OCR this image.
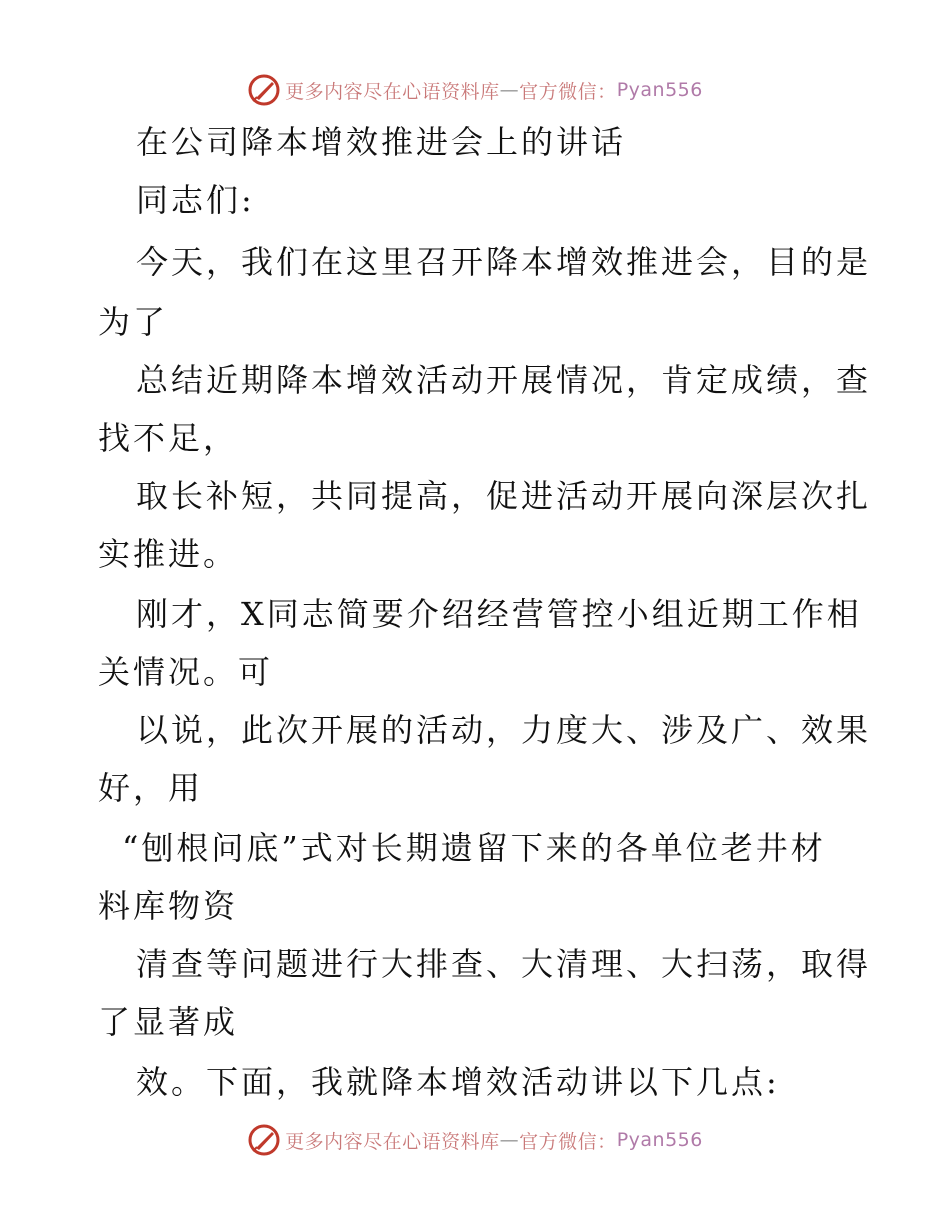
更多内容尽在心语资料库 — 官方微信： Pyan556
在公司降本增效推进会上的讲话
同志们:
今天，我们在这里召开降本增效推进会，目的是
为了
总结近期降本增效活动开展情况，肯定成绩，查
找不足，
取长补短，共同提高，促进活动开展向深层次扎
实推进。
刚才，X同志简要介绍经营管控小组近期工作相
关情况。可
以说，此次开展的活动，力度大、涉及广、效果
好，用
“刨根问底”式对长期遗留下来的各单位老井材
料库物资
清查等问题进行大排查、大清理、大扫荡，取得
了显著成
效。下面，我就降本增效活动讲以下几点:
更多内容尽在心语资料库 — 官方微信： Pyan556
